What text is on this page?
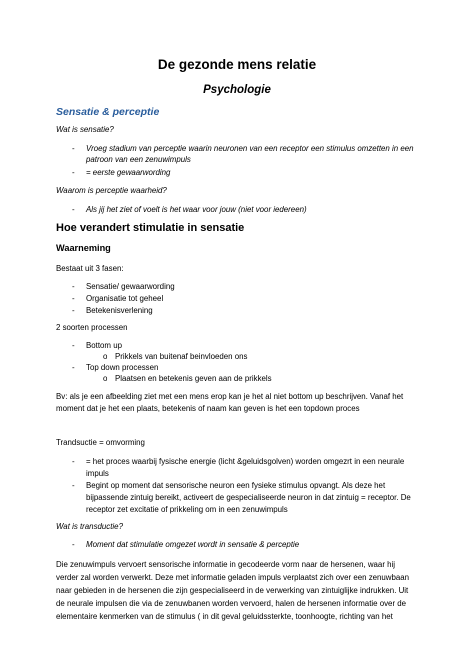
De gezonde mens relatie
Psychologie
Sensatie & perceptie
Wat is sensatie?
- Vroeg stadium van perceptie waarin neuronen van een receptor een stimulus omzetten in een
patroon van een zenuwimpuls
- = eerste gewaarwording
Waarom is perceptie waarheid?
- Als jij het ziet of voelt is het waar voor jouw (niet voor iedereen)
Hoe verandert stimulatie in sensatie
Waarneming
Bestaat uit 3 fasen:
- Sensatie/ gewaarwording
- Organisatie tot geheel
- Betekenisverlening
2 soorten processen
- Bottom up
o Prikkels van buitenaf beinvloeden ons
- Top down processen
o Plaatsen en betekenis geven aan de prikkels
Bv: als je een afbeelding ziet met een mens erop kan je het al niet bottom up beschrijven. Vanaf het
moment dat je het een plaats, betekenis of naam kan geven is het een topdown proces
Trandsuctie = omvorming
- = het proces waarbij fysische energie (licht &geluidsgolven) worden omgezrt in een neurale
impuls
- Begint op moment dat sensorische neuron een fysieke stimulus opvangt. Als deze het
bijpassende zintuig bereikt, activeert de gespecialiseerde neuron in dat zintuig = receptor. De
receptor zet excitatie of prikkeling om in een zenuwimpuls
Wat is transductie?
- Moment dat stimulatie omgezet wordt in sensatie & perceptie
Die zenuwimpuls vervoert sensorische informatie in gecodeerde vorm naar de hersenen, waar hij
verder zal worden verwerkt. Deze met informatie geladen impuls verplaatst zich over een zenuwbaan
naar gebieden in de hersenen die zijn gespecialiseerd in de verwerking van zintuiglijke indrukken. Uit
de neurale impulsen die via de zenuwbanen worden vervoerd, halen de hersenen informatie over de
elementaire kenmerken van de stimulus ( in dit geval geluidssterkte, toonhoogte, richting van het
